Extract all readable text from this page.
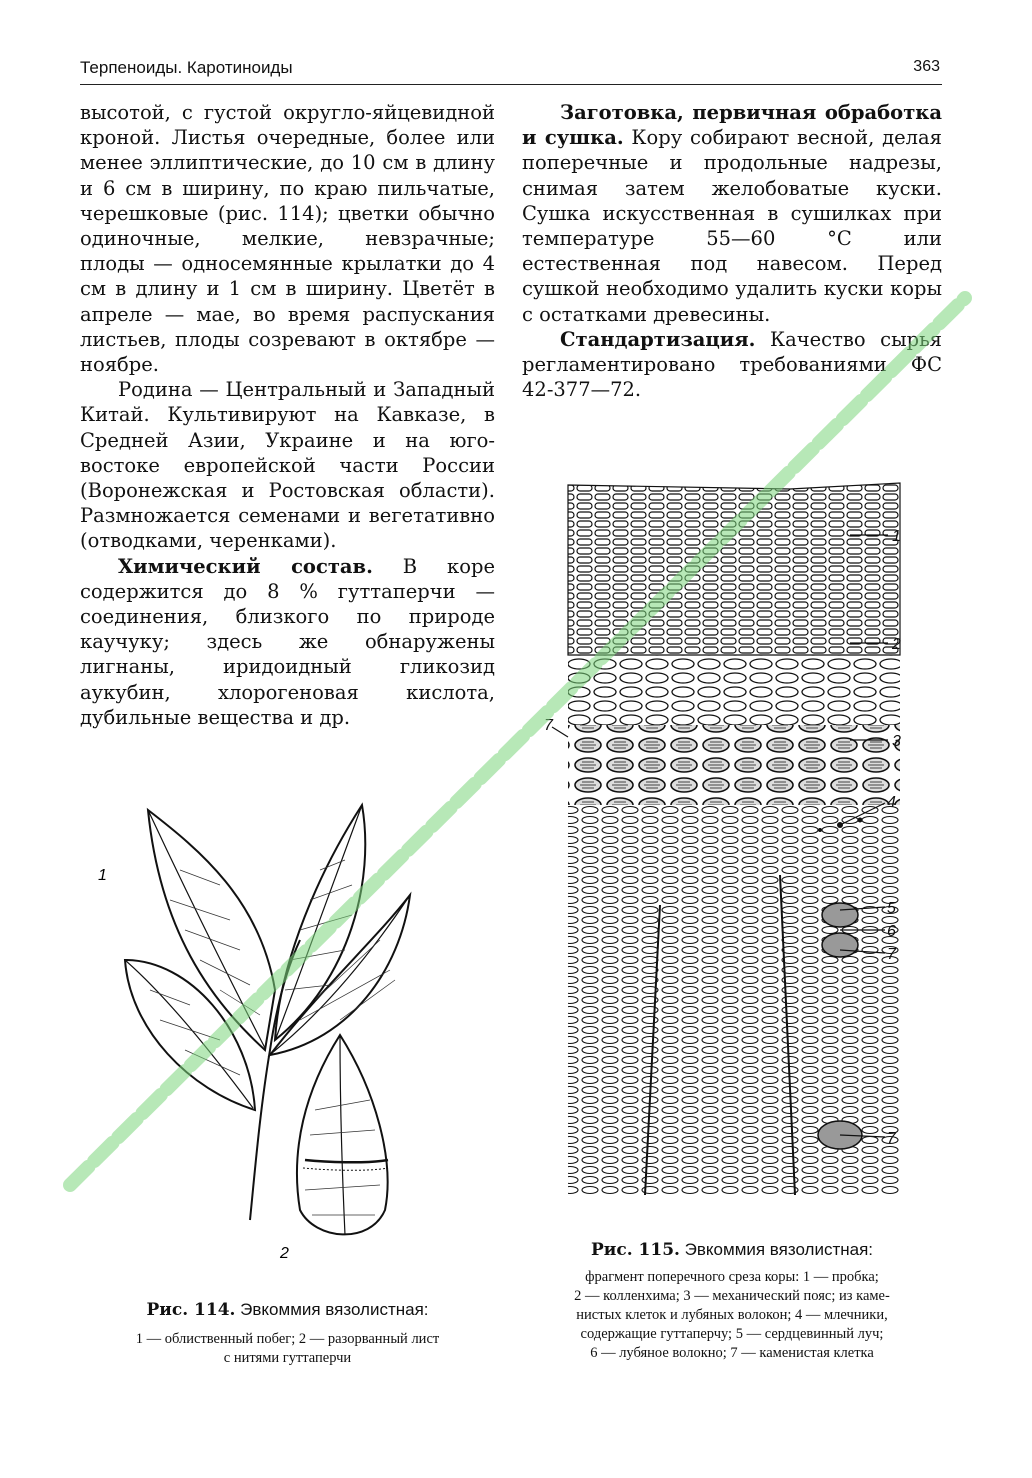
Терпеноиды. Каротиноиды	363

высотой, с густой округло-яйцевидной кроной. Листья очередные, более или менее эллиптические, до 10 см в длину и 6 см в ширину, по краю пильчатые, черешковые (рис. 114); цветки обычно одиночные, мелкие, невзрачные; плоды — односемянные крылатки до 4 см в длину и 1 см в ширину. Цветёт в апреле — мае, во время распускания листьев, плоды созревают в октябре — ноябре.

Родина — Центральный и Западный Китай. Культивируют на Кавказе, в Средней Азии, Украине и на юго-востоке европейской части России (Воронежская и Ростовская области). Размножается семенами и вегетативно (отводками, черенками).

Химический состав. В коре содержится до 8 % гуттаперчи — соединения, близкого по природе каучуку; здесь же обнаружены лигнаны, иридоидный гликозид аукубин, хлорогеновая кислота, дубильные вещества и др.

Заготовка, первичная обработка и сушка. Кору собирают весной, делая поперечные и продольные надрезы, снимая затем желобоватые куски. Сушка искусственная в сушилках при температуре 55—60 °С или естественная под навесом. Перед сушкой необходимо удалить куски коры с остатками древесины.

Стандартизация. Качество сырья регламентировано требованиями ФС 42-377—72.

1
2
Рис. 114. Эвкоммия вязолистная:
1 — облиственный побег; 2 — разорванный лист
с нитями гуттаперчи
1
2
3
4
5
6
7
7
7
Рис. 115. Эвкоммия вязолистная:
фрагмент поперечного среза коры: 1 — пробка;
2 — колленхима; 3 — механический пояс; из каме-
нистых клеток и лубяных волокон; 4 — млечники,
содержащие гуттаперчу; 5 — сердцевинный луч;
6 — лубяное волокно; 7 — каменистая клетка
